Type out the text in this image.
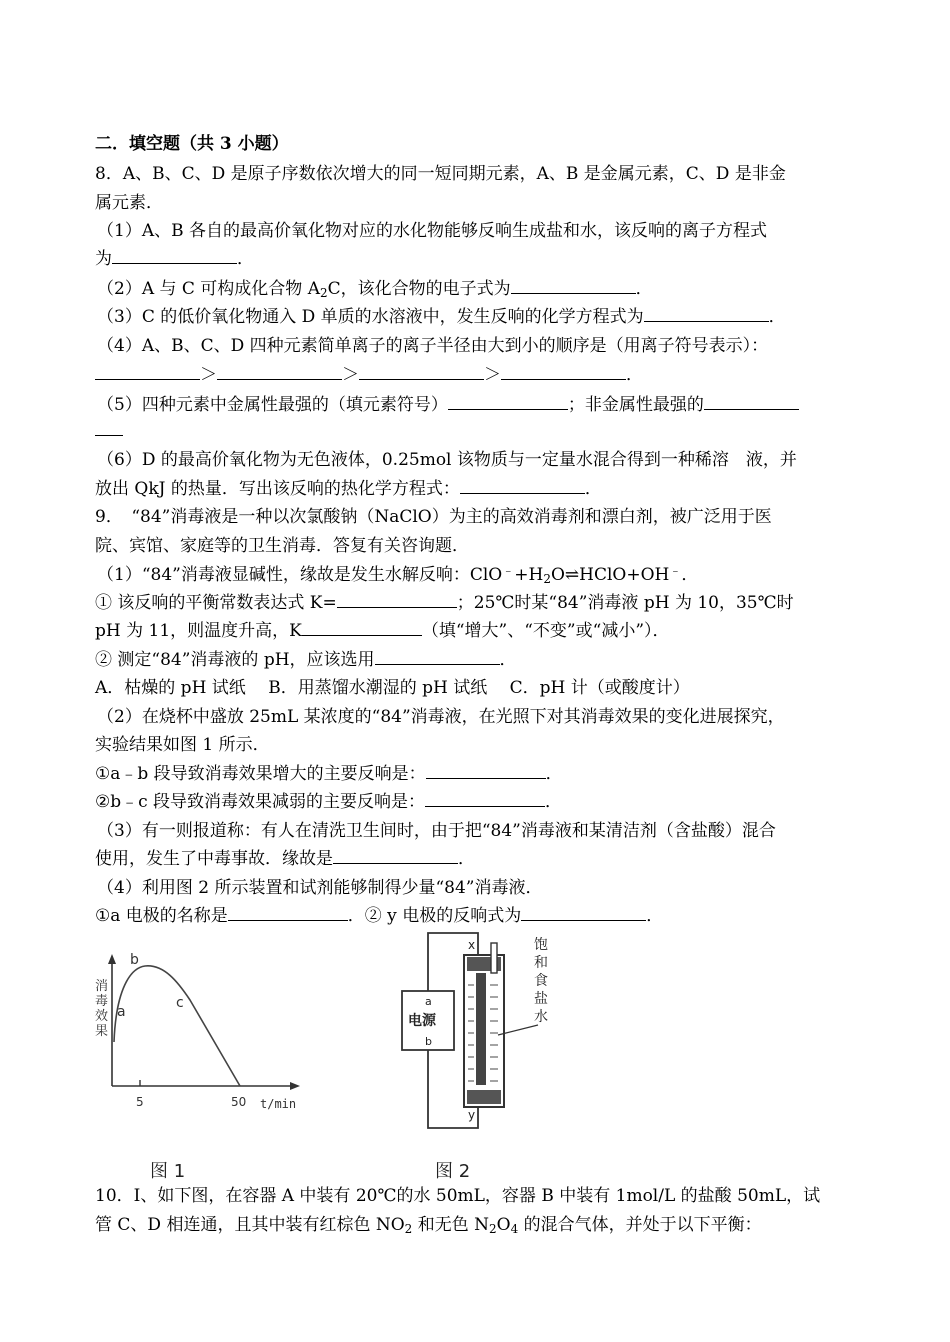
二．填空题（共 3 小题）
8．A、B、C、D 是原子序数依次增大的同一短同期元素，A、B 是金属元素，C、D 是非金
属元素．
（1）A、B 各自的最高价氧化物对应的水化物能够反响生成盐和水，该反响的离子方程式
为	．
（2）A 与 C 可构成化合物 $A_2C$，该化合物的电子式为	．
（3）C 的低价氧化物通入 D 单质的水溶液中，发生反响的化学方程式为	．
（4）A、B、C、D 四种元素简单离子的离子半径由大到小的顺序是（用离子符号表示）：
＞	＞	＞	．
（5）四种元素中金属性最强的（填元素符号）	；非金属性最强的
（6）D 的最高价氧化物为无色液体，0.25mol 该物质与一定量水混合得到一种稀溶　液，并
放出 QkJ 的热量．写出该反响的热化学方程式：	．
9．　“84”消毒液是一种以次氯酸钠（NaClO）为主的高效消毒剂和漂白剂，被广泛用于医
院、宾馆、家庭等的卫生消毒．答复有关咨询题．
（1）“84”消毒液显碱性，缘故是发生水解反响：$ClO^﹣+H_2O\rightleftharpoons HClO+OH^﹣$．
① 该反响的平衡常数表达式 K=	；25℃时某“84”消毒液 pH 为 10，35℃时
pH 为 11，则温度升高，K	（填“增大”、“不变”或“减小”）．
② 测定“84”消毒液的 pH，应该选用	．
A．枯燥的 pH 试纸　 B．用蒸馏水潮湿的 pH 试纸　 C．pH 计（或酸度计）
（2）在烧杯中盛放 25mL 某浓度的“84”消毒液，在光照下对其消毒效果的变化进展探究，
实验结果如图 1 所示．
①a﹣b 段导致消毒效果增大的主要反响是：	．
②b﹣c 段导致消毒效果减弱的主要反响是：	．
（3）有一则报道称：有人在清洗卫生间时，由于把“84”消毒液和某清洁剂（含盐酸）混合
使用，发生了中毒事故．缘故是	．
（4）利用图 2 所示装置和试剂能够制得少量“84”消毒液．
①a 电极的名称是	．② y 电极的反响式为	．
消
毒
效
果
a
b
c
5	50 t/min
图 1
a
电源
b
x
y
饱
和
食
盐
水
图 2
10．I、如下图，在容器 A 中装有 20℃的水 50mL，容器 B 中装有 1mol/L 的盐酸 50mL，试
管 C、D 相连通，且其中装有红棕色 $NO_2$ 和无色 $N_2O_4$ 的混合气体，并处于以下平衡：
